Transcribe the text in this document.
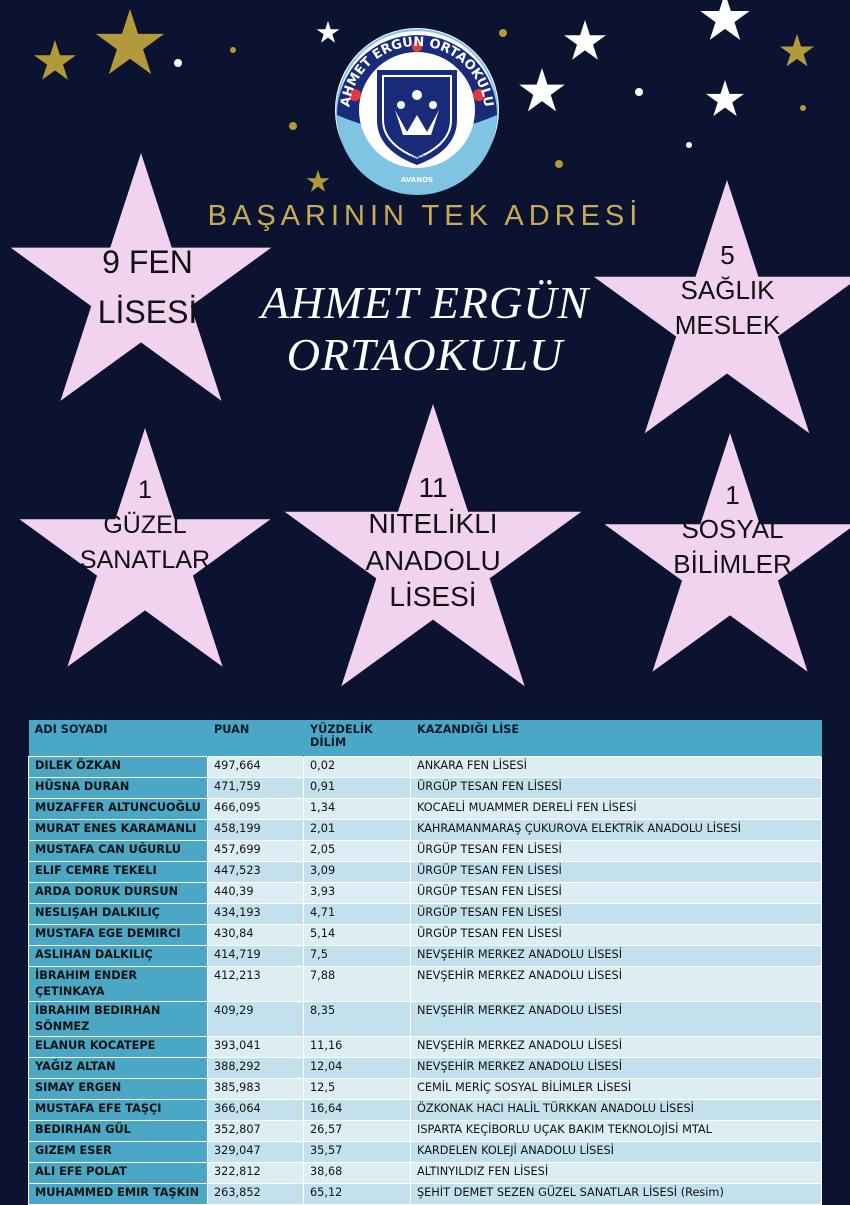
AHMET ERGÜN ORTAOKULU
1987
AVANOS
BAŞARININ TEK ADRESİ
AHMET ERGÜN
ORTAOKULU
9 FEN
LİSESİ
5
SAĞLIK
MESLEK
1
GÜZEL
SANATLAR
11
NİTELİKLİ
ANADOLU
LİSESİ
1
SOSYAL
BİLİMLER
ADI SOYADI	PUAN	YÜZDELİK DİLİM	KAZANDIĞI LİSE
DILEK ÖZKAN	497,664	0,02	ANKARA FEN LİSESİ
HÜSNA DURAN	471,759	0,91	ÜRGÜP TESAN FEN LİSESİ
MUZAFFER ALTUNCUOĞLU	466,095	1,34	KOCAELİ MUAMMER DERELİ FEN LİSESİ
MURAT ENES KARAMANLI	458,199	2,01	KAHRAMANMARAŞ ÇUKUROVA ELEKTRİK ANADOLU LİSESİ
MUSTAFA CAN UĞURLU	457,699	2,05	ÜRGÜP TESAN FEN LİSESİ
ELIF CEMRE TEKELI	447,523	3,09	ÜRGÜP TESAN FEN LİSESİ
ARDA DORUK DURSUN	440,39	3,93	ÜRGÜP TESAN FEN LİSESİ
NESLIŞAH DALKILIÇ	434,193	4,71	ÜRGÜP TESAN FEN LİSESİ
MUSTAFA EGE DEMIRCI	430,84	5,14	ÜRGÜP TESAN FEN LİSESİ
ASLIHAN DALKILIÇ	414,719	7,5	NEVŞEHİR MERKEZ ANADOLU LİSESİ
İBRAHIM ENDER ÇETINKAYA	412,213	7,88	NEVŞEHİR MERKEZ ANADOLU LİSESİ
İBRAHIM BEDIRHAN SÖNMEZ	409,29	8,35	NEVŞEHİR MERKEZ ANADOLU LİSESİ
ELANUR KOCATEPE	393,041	11,16	NEVŞEHİR MERKEZ ANADOLU LİSESİ
YAĞIZ ALTAN	388,292	12,04	NEVŞEHİR MERKEZ ANADOLU LİSESİ
SIMAY ERGEN	385,983	12,5	CEMİL MERİÇ SOSYAL BİLİMLER LİSESİ
MUSTAFA EFE TAŞÇI	366,064	16,64	ÖZKONAK HACI HALİL TÜRKKAN ANADOLU LİSESİ
BEDIRHAN GÜL	352,807	26,57	ISPARTA KEÇİBORLU UÇAK BAKIM TEKNOLOJİSİ MTAL
GIZEM ESER	329,047	35,57	KARDELEN KOLEJİ ANADOLU LİSESİ
ALI EFE POLAT	322,812	38,68	ALTINYILDIZ FEN LİSESİ
MUHAMMED EMIR TAŞKIN	263,852	65,12	ŞEHİT DEMET SEZEN GÜZEL SANATLAR LİSESİ (Resim)
